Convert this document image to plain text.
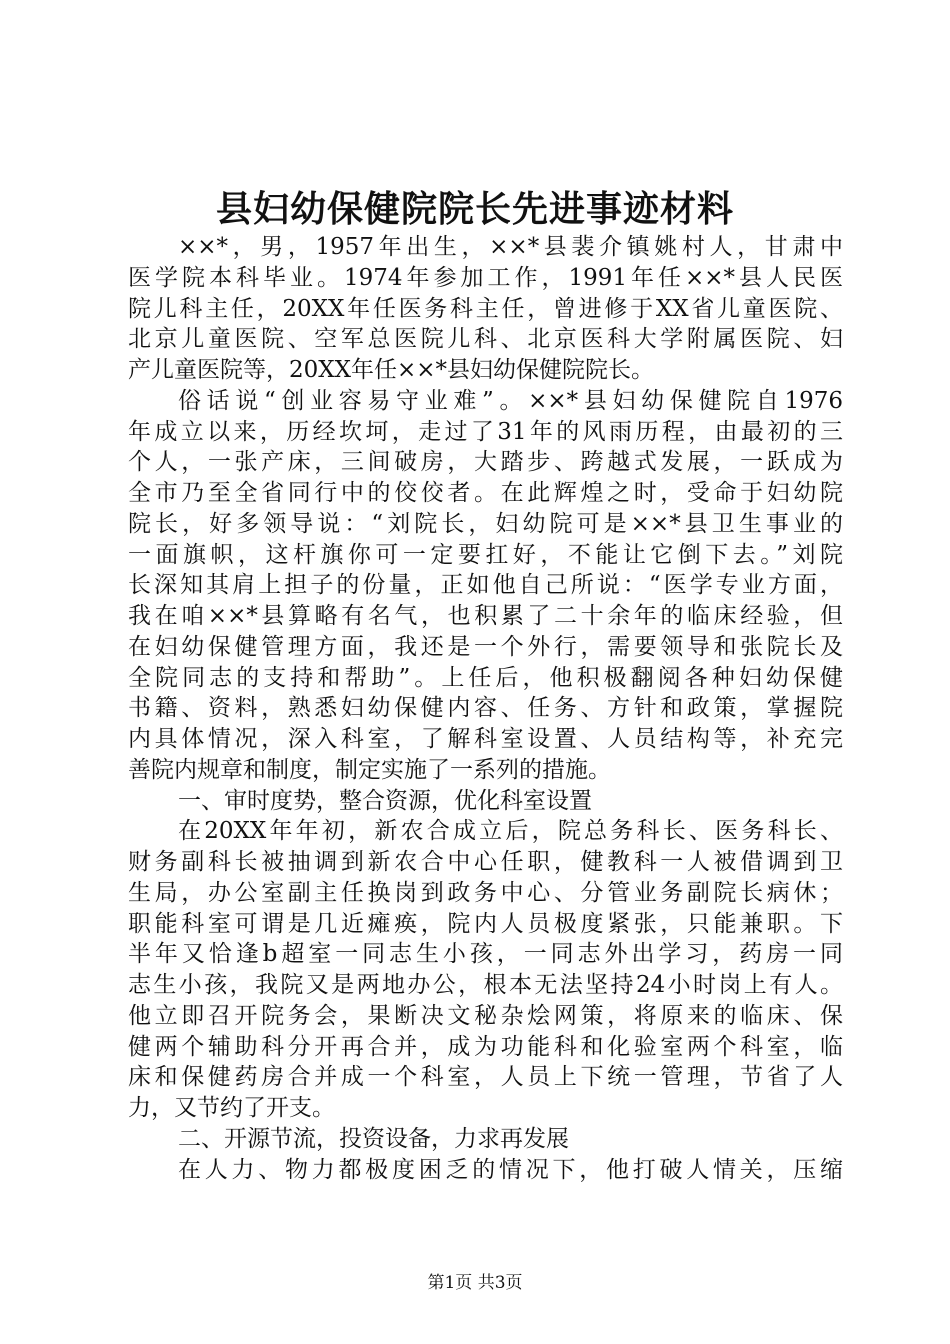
县妇幼保健院院长先进事迹材料
××*，男，1957年出生，××*县裴介镇姚村人，甘肃中
医学院本科毕业。1974年参加工作，1991年任××*县人民医
院儿科主任，20XX年任医务科主任，曾进修于XX省儿童医院、
北京儿童医院、空军总医院儿科、北京医科大学附属医院、妇
产儿童医院等，20XX年任××*县妇幼保健院院长。
俗话说“创业容易守业难”。××*县妇幼保健院自1976
年成立以来，历经坎坷，走过了31年的风雨历程，由最初的三
个人，一张产床，三间破房，大踏步、跨越式发展，一跃成为
全市乃至全省同行中的佼佼者。在此辉煌之时，受命于妇幼院
院长，好多领导说：“刘院长，妇幼院可是××*县卫生事业的
一面旗帜，这杆旗你可一定要扛好，不能让它倒下去。”刘院
长深知其肩上担子的份量，正如他自己所说：“医学专业方面，
我在咱××*县算略有名气，也积累了二十余年的临床经验，但
在妇幼保健管理方面，我还是一个外行，需要领导和张院长及
全院同志的支持和帮助”。上任后，他积极翻阅各种妇幼保健
书籍、资料，熟悉妇幼保健内容、任务、方针和政策，掌握院
内具体情况，深入科室，了解科室设置、人员结构等，补充完
善院内规章和制度，制定实施了一系列的措施。
一、审时度势，整合资源，优化科室设置
在20XX年年初，新农合成立后，院总务科长、医务科长、
财务副科长被抽调到新农合中心任职，健教科一人被借调到卫
生局，办公室副主任换岗到政务中心、分管业务副院长病休；
职能科室可谓是几近瘫痪，院内人员极度紧张，只能兼职。下
半年又恰逢b超室一同志生小孩，一同志外出学习，药房一同
志生小孩，我院又是两地办公，根本无法坚持24小时岗上有人。
他立即召开院务会，果断决文秘杂烩网策，将原来的临床、保
健两个辅助科分开再合并，成为功能科和化验室两个科室，临
床和保健药房合并成一个科室，人员上下统一管理，节省了人
力，又节约了开支。
二、开源节流，投资设备，力求再发展
在人力、物力都极度困乏的情况下，他打破人情关，压缩
第1页 共3页
